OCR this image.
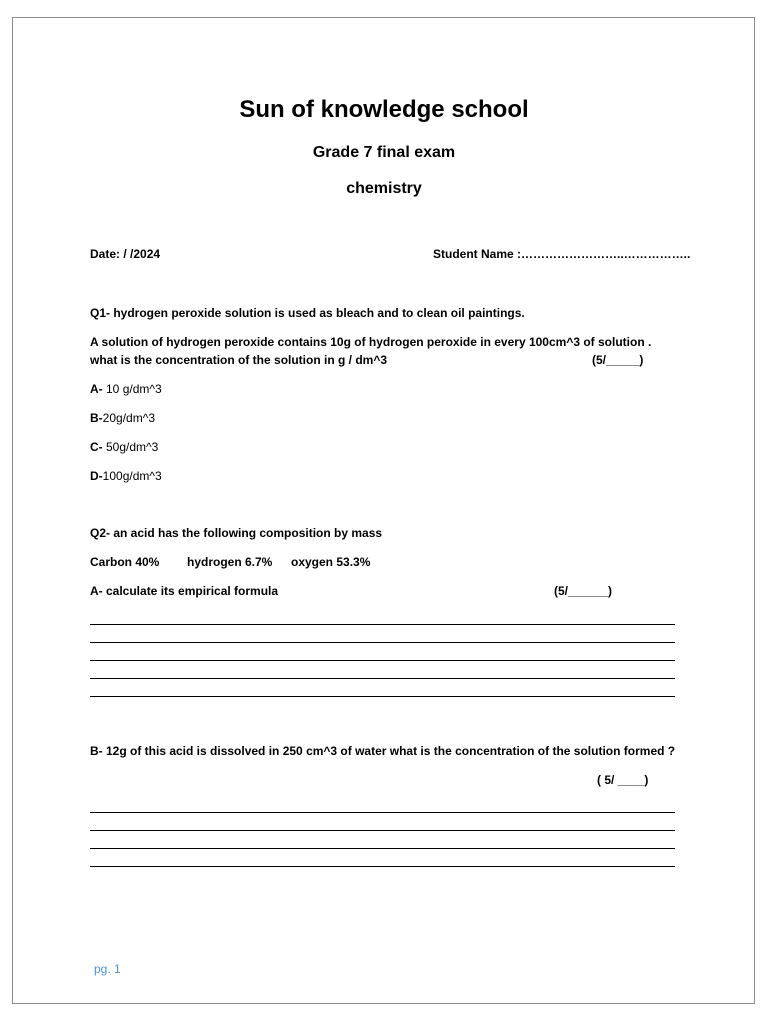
Sun of knowledge school
Grade 7 final exam
chemistry
Date: / /2024	Student Name :……………………..……………..
Q1- hydrogen peroxide solution is used as bleach and to clean oil paintings.
A solution of hydrogen peroxide contains 10g of hydrogen peroxide in every 100cm^3 of solution .
what is the concentration of the solution in g / dm^3	(5/_____)
A- 10 g/dm^3
B-20g/dm^3
C- 50g/dm^3
D-100g/dm^3
Q2- an acid has the following composition by mass
Carbon 40% hydrogen 6.7% oxygen 53.3%
A- calculate its empirical formula	(5/______)
B- 12g of this acid is dissolved in 250 cm^3 of water what is the concentration of the solution formed ?
( 5/ ____)
pg. 1
